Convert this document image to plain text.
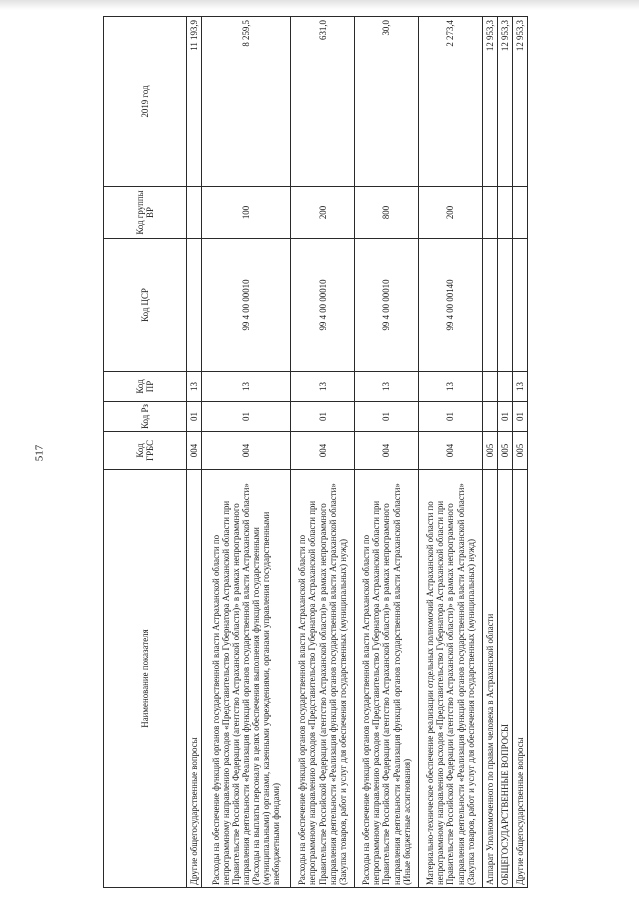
517
Наименование показателя	Код ГРБС	Код Рз	Код ПР	Код ЦСР	Код группы ВР	2019 год
Другие общегосударственные вопросы	004	01	13			11 193,9
Расходы на обеспечение функций органов государственной власти Астраханской области по непрограммному направлению расходов «Представительство Губернатора Астраханской области при Правительстве Российской Федерации (агентство Астраханской области)» в рамках непрограммного направления деятельности «Реализация функций органов государственной власти Астраханской области» (Расходы на выплаты персоналу в целях обеспечения выполнения функций государственными (муниципальными) органами, казенными учреждениями, органами управления государственными внебюджетными фондами)	004	01	13	99 4 00 00010	100	8 259,5
Расходы на обеспечение функций органов государственной власти Астраханской области по непрограммному направлению расходов «Представительство Губернатора Астраханской области при Правительстве Российской Федерации (агентство Астраханской области)» в рамках непрограммного направления деятельности «Реализация функций органов государственной власти Астраханской области» (Закупка товаров, работ и услуг для обеспечения государственных (муниципальных) нужд)	004	01	13	99 4 00 00010	200	631,0
Расходы на обеспечение функций органов государственной власти Астраханской области по непрограммному направлению расходов «Представительство Губернатора Астраханской области при Правительстве Российской Федерации (агентство Астраханской области)» в рамках непрограммного направления деятельности «Реализация функций органов государственной власти Астраханской области» (Иные бюджетные ассигнования)	004	01	13	99 4 00 00010	800	30,0
Материально-техническое обеспечение реализации отдельных полномочий Астраханской области по непрограммному направлению расходов «Представительство Губернатора Астраханской области при Правительстве Российской Федерации (агентство Астраханской области)» в рамках непрограммного направления деятельности «Реализация функций органов государственной власти Астраханской области» (Закупка товаров, работ и услуг для обеспечения государственных (муниципальных) нужд)	004	01	13	99 4 00 00140	200	2 273,4
Аппарат Уполномоченного по правам человека в Астраханской области	005					12 953,3
ОБЩЕГОСУДАРСТВЕННЫЕ ВОПРОСЫ	005	01				12 953,3
Другие общегосударственные вопросы	005	01	13			12 953,3
